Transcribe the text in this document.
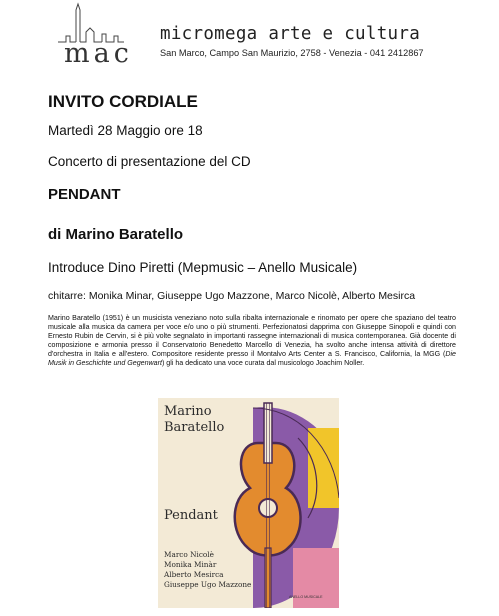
mac
micromega arte e cultura
San Marco, Campo San Maurizio, 2758 - Venezia - 041 2412867
INVITO CORDIALE
Martedì 28 Maggio ore 18
Concerto di presentazione del CD
PENDANT
di Marino Baratello
Introduce Dino Piretti (Mepmusic – Anello Musicale)
chitarre: Monika Minar, Giuseppe Ugo Mazzone, Marco Nicolè, Alberto Mesirca
Marino Baratello (1951) è un musicista veneziano noto sulla ribalta internazionale e rinomato per opere che spaziano del teatro musicale alla musica da camera per voce e/o uno o più strumenti. Perfezionatosi dapprima con Giuseppe Sinopoli e quindi con Ernesto Rubin de Cervin, si è più volte segnalato in importanti rassegne internazionali di musica contemporanea. Già docente di composizione e armonia presso il Conservatorio Benedetto Marcello di Venezia, ha svolto anche intensa attività di direttore d'orchestra in Italia e all'estero. Compositore residente presso il Montalvo Arts Center a S. Francisco, California, la MGG (Die Musik in Geschichte und Gegenwart) gli ha dedicato una voce curata dal musicologo Joachim Noller.
Marino
Baratello
Pendant
Marco Nicolè
Monika Minàr
Alberto Mesirca
Giuseppe Ugo Mazzone
ANELLO MUSICALE
